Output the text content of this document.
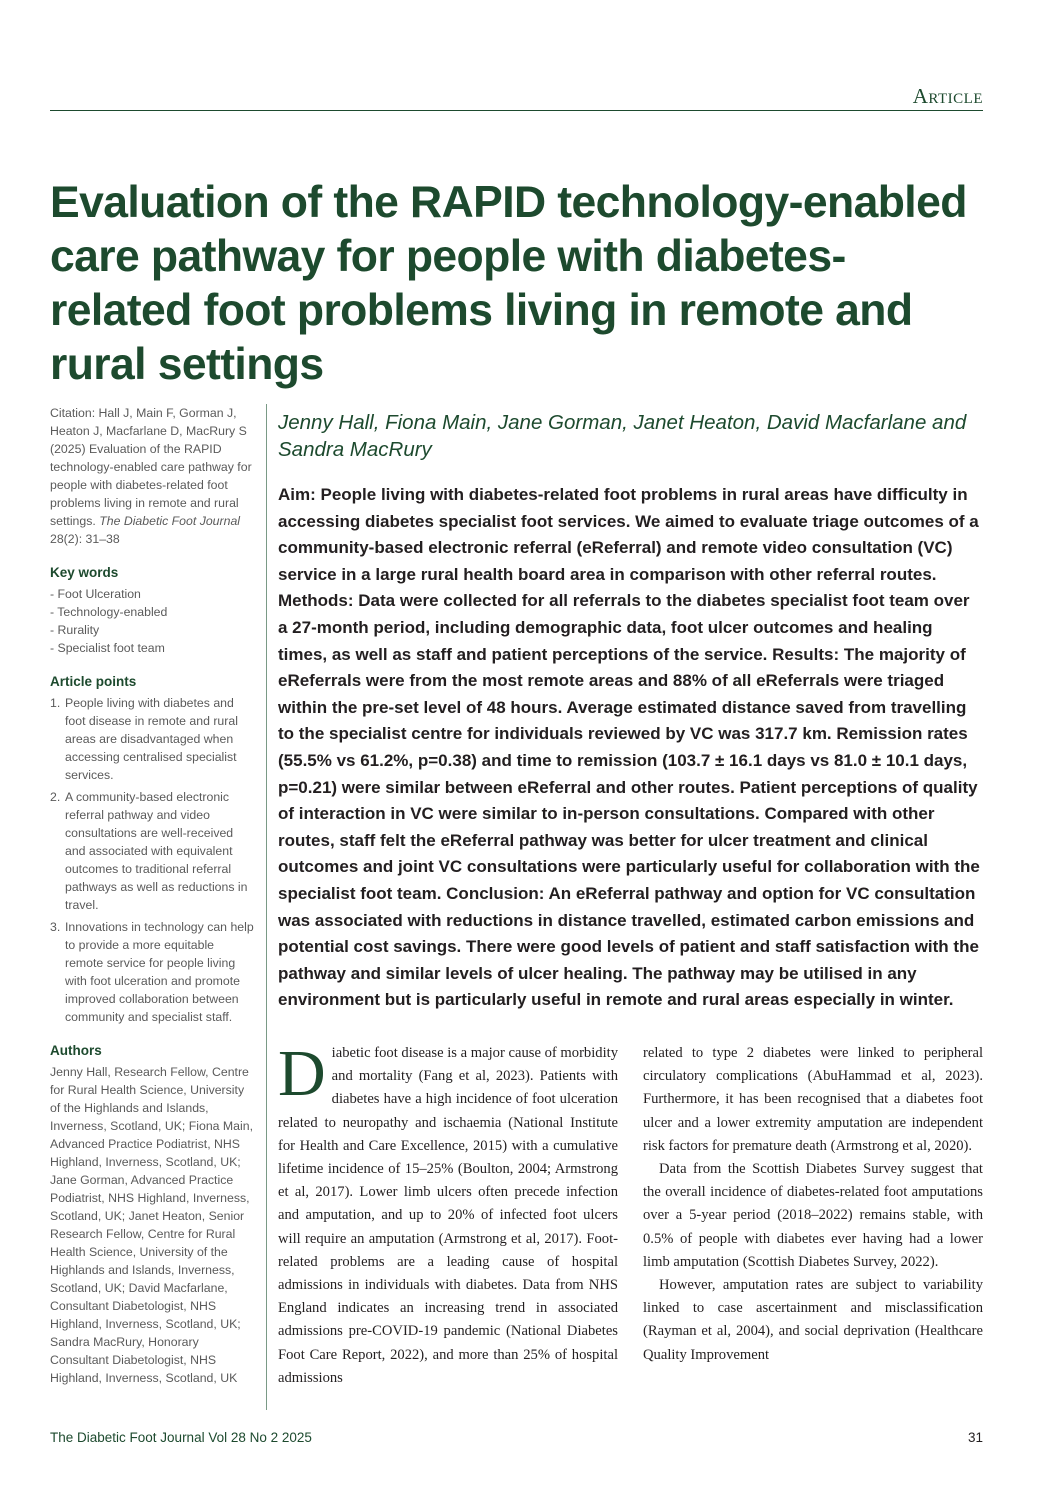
Article
Evaluation of the RAPID technology-enabled care pathway for people with diabetes-related foot problems living in remote and rural settings
Citation: Hall J, Main F, Gorman J, Heaton J, Macfarlane D, MacRury S (2025) Evaluation of the RAPID technology-enabled care pathway for people with diabetes-related foot problems living in remote and rural settings. The Diabetic Foot Journal 28(2): 31–38
Key words
- Foot Ulceration
- Technology-enabled
- Rurality
- Specialist foot team
Article points
1. People living with diabetes and foot disease in remote and rural areas are disadvantaged when accessing centralised specialist services.
2. A community-based electronic referral pathway and video consultations are well-received and associated with equivalent outcomes to traditional referral pathways as well as reductions in travel.
3. Innovations in technology can help to provide a more equitable remote service for people living with foot ulceration and promote improved collaboration between community and specialist staff.
Authors
Jenny Hall, Research Fellow, Centre for Rural Health Science, University of the Highlands and Islands, Inverness, Scotland, UK; Fiona Main, Advanced Practice Podiatrist, NHS Highland, Inverness, Scotland, UK; Jane Gorman, Advanced Practice Podiatrist, NHS Highland, Inverness, Scotland, UK; Janet Heaton, Senior Research Fellow, Centre for Rural Health Science, University of the Highlands and Islands, Inverness, Scotland, UK; David Macfarlane, Consultant Diabetologist, NHS Highland, Inverness, Scotland, UK; Sandra MacRury, Honorary Consultant Diabetologist, NHS Highland, Inverness, Scotland, UK
Jenny Hall, Fiona Main, Jane Gorman, Janet Heaton, David Macfarlane and Sandra MacRury

Aim: People living with diabetes-related foot problems in rural areas have difficulty in accessing diabetes specialist foot services. We aimed to evaluate triage outcomes of a community-based electronic referral (eReferral) and remote video consultation (VC) service in a large rural health board area in comparison with other referral routes. Methods: Data were collected for all referrals to the diabetes specialist foot team over a 27-month period, including demographic data, foot ulcer outcomes and healing times, as well as staff and patient perceptions of the service. Results: The majority of eReferrals were from the most remote areas and 88% of all eReferrals were triaged within the pre-set level of 48 hours. Average estimated distance saved from travelling to the specialist centre for individuals reviewed by VC was 317.7 km. Remission rates (55.5% vs 61.2%, p=0.38) and time to remission (103.7 ± 16.1 days vs 81.0 ± 10.1 days, p=0.21) were similar between eReferral and other routes. Patient perceptions of quality of interaction in VC were similar to in-person consultations. Compared with other routes, staff felt the eReferral pathway was better for ulcer treatment and clinical outcomes and joint VC consultations were particularly useful for collaboration with the specialist foot team. Conclusion: An eReferral pathway and option for VC consultation was associated with reductions in distance travelled, estimated carbon emissions and potential cost savings. There were good levels of patient and staff satisfaction with the pathway and similar levels of ulcer healing. The pathway may be utilised in any environment but is particularly useful in remote and rural areas especially in winter.

Diabetic foot disease is a major cause of morbidity and mortality (Fang et al, 2023). Patients with diabetes have a high incidence of foot ulceration related to neuropathy and ischaemia (National Institute for Health and Care Excellence, 2015) with a cumulative lifetime incidence of 15–25% (Boulton, 2004; Armstrong et al, 2017). Lower limb ulcers often precede infection and amputation, and up to 20% of infected foot ulcers will require an amputation (Armstrong et al, 2017). Foot-related problems are a leading cause of hospital admissions in individuals with diabetes. Data from NHS England indicates an increasing trend in associated admissions pre-COVID-19 pandemic (National Diabetes Foot Care Report, 2022), and more than 25% of hospital admissions

related to type 2 diabetes were linked to peripheral circulatory complications (AbuHammad et al, 2023). Furthermore, it has been recognised that a diabetes foot ulcer and a lower extremity amputation are independent risk factors for premature death (Armstrong et al, 2020).

Data from the Scottish Diabetes Survey suggest that the overall incidence of diabetes-related foot amputations over a 5-year period (2018–2022) remains stable, with 0.5% of people with diabetes ever having had a lower limb amputation (Scottish Diabetes Survey, 2022).

However, amputation rates are subject to variability linked to case ascertainment and misclassification (Rayman et al, 2004), and social deprivation (Healthcare Quality Improvement

The Diabetic Foot Journal Vol 28 No 2 2025	31
